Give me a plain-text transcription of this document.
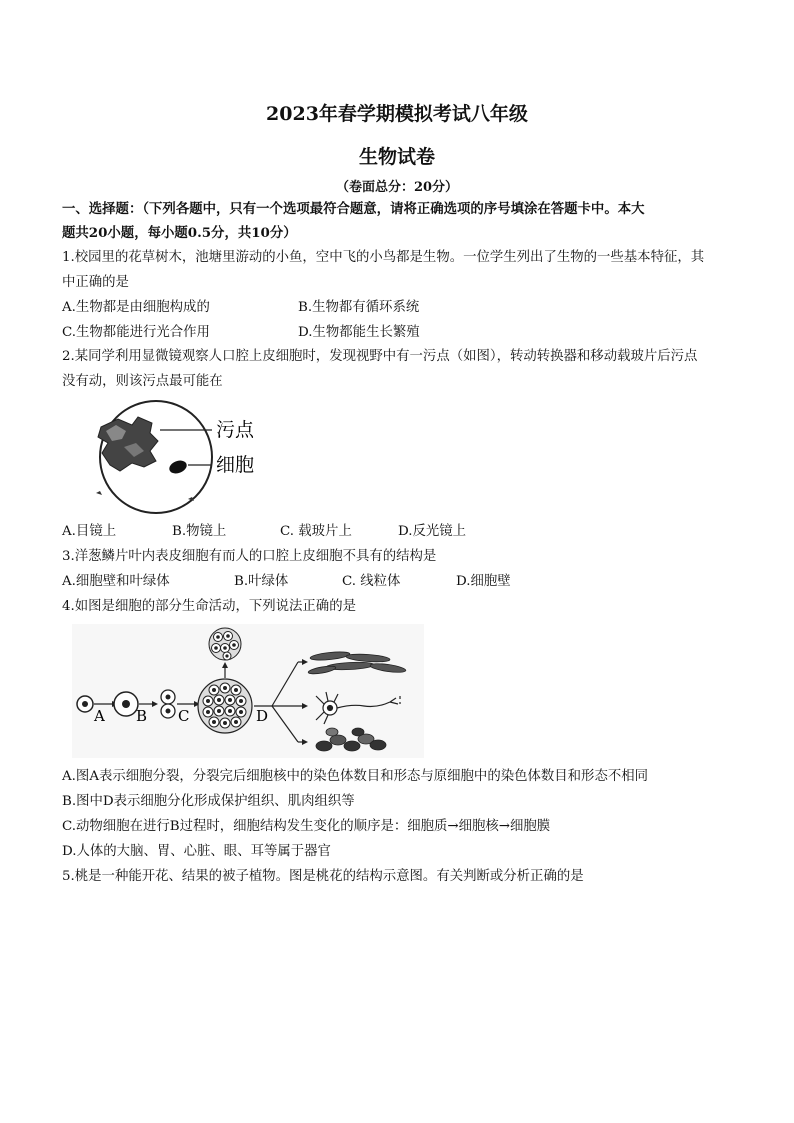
2023年春学期模拟考试八年级
生物试卷
（卷面总分：20分）
一、选择题：（下列各题中，只有一个选项最符合题意，请将正确选项的序号填涂在答题卡中。本大
题共20小题，每小题0.5分，共10分）
1.校园里的花草树木，池塘里游动的小鱼，空中飞的小鸟都是生物。一位学生列出了生物的一些基本特征，其
中正确的是
A.生物都是由细胞构成的	B.生物都有循环系统
C.生物都能进行光合作用	D.生物都能生长繁殖
2.某同学利用显微镜观察人口腔上皮细胞时，发现视野中有一污点（如图），转动转换器和移动载玻片后污点
没有动，则该污点最可能在
污点
细胞
A.目镜上	B.物镜上	C. 载玻片上	D.反光镜上
3.洋葱鳞片叶内表皮细胞有而人的口腔上皮细胞不具有的结构是
A.细胞壁和叶绿体	B.叶绿体	C. 线粒体	D.细胞壁
4.如图是细胞的部分生命活动，下列说法正确的是
A B C	D
A.图A表示细胞分裂，分裂完后细胞核中的染色体数目和形态与原细胞中的染色体数目和形态不相同
B.图中D表示细胞分化形成保护组织、肌肉组织等
C.动物细胞在进行B过程时，细胞结构发生变化的顺序是：细胞质→细胞核→细胞膜
D.人体的大脑、胃、心脏、眼、耳等属于器官
5.桃是一种能开花、结果的被子植物。图是桃花的结构示意图。有关判断或分析正确的是
